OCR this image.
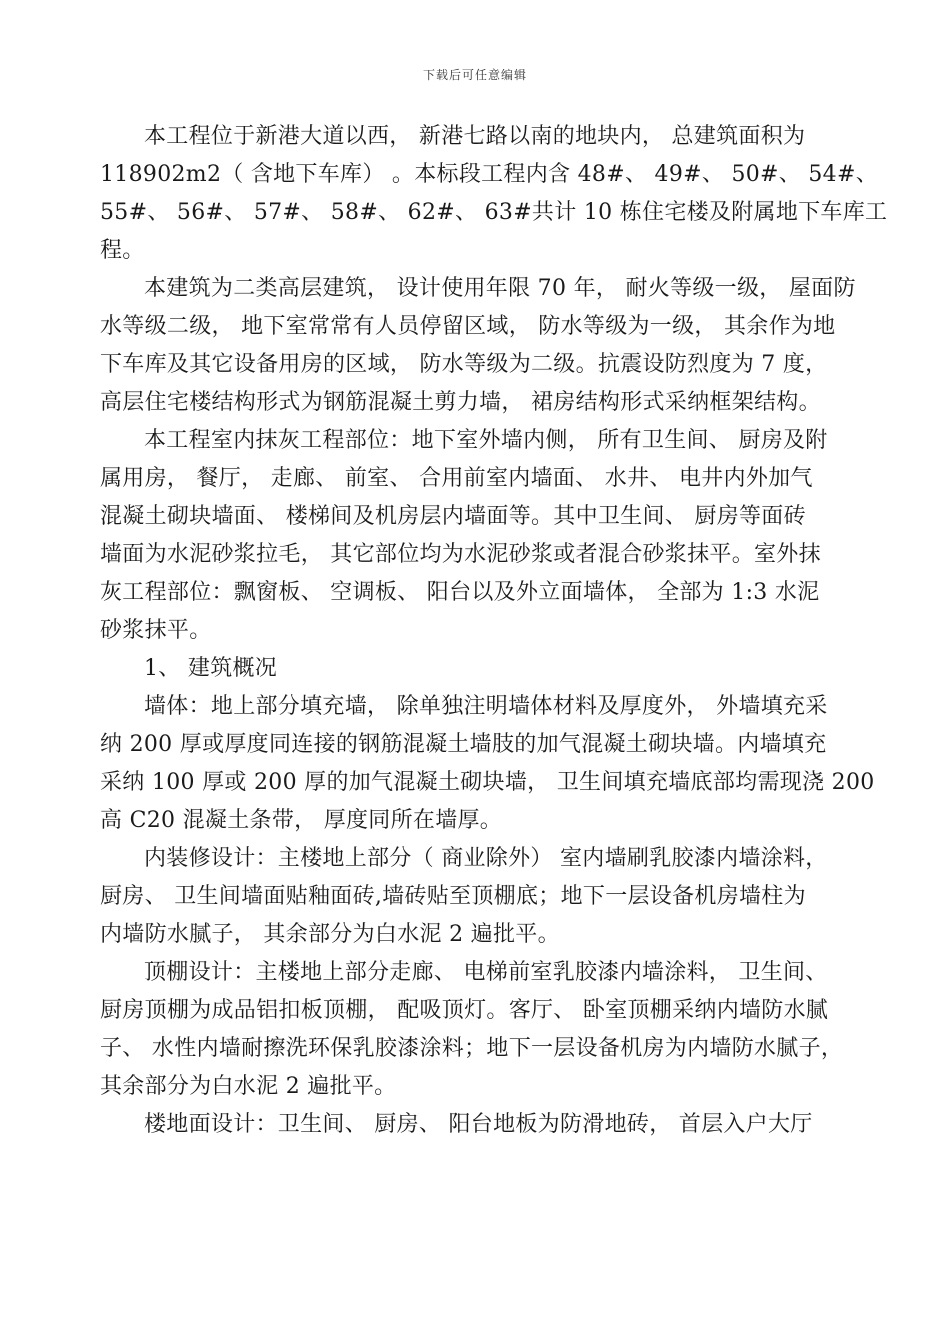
下载后可任意编辑
本工程位于新港大道以西， 新港七路以南的地块内， 总建筑面积为
118902m2（ 含地下车库） 。本标段工程内含 48#、 49#、 50#、 54#、
55#、 56#、 57#、 58#、 62#、 63#共计 10 栋住宅楼及附属地下车库工
程。
本建筑为二类高层建筑， 设计使用年限 70 年， 耐火等级一级， 屋面防
水等级二级， 地下室常常有人员停留区域， 防水等级为一级， 其余作为地
下车库及其它设备用房的区域， 防水等级为二级。抗震设防烈度为 7 度，
高层住宅楼结构形式为钢筋混凝土剪力墙， 裙房结构形式采纳框架结构。
本工程室内抹灰工程部位：地下室外墙内侧， 所有卫生间、 厨房及附
属用房， 餐厅， 走廊、 前室、 合用前室内墙面、 水井、 电井内外加气
混凝土砌块墙面、 楼梯间及机房层内墙面等。其中卫生间、 厨房等面砖
墙面为水泥砂浆拉毛， 其它部位均为水泥砂浆或者混合砂浆抹平。室外抹
灰工程部位：飘窗板、 空调板、 阳台以及外立面墙体， 全部为 1:3 水泥
砂浆抹平。
1、 建筑概况
墙体：地上部分填充墙， 除单独注明墙体材料及厚度外， 外墙填充采
纳 200 厚或厚度同连接的钢筋混凝土墙肢的加气混凝土砌块墙。内墙填充
采纳 100 厚或 200 厚的加气混凝土砌块墙， 卫生间填充墙底部均需现浇 200
高 C20 混凝土条带， 厚度同所在墙厚。
内装修设计：主楼地上部分（ 商业除外） 室内墙刷乳胶漆内墙涂料，
厨房、 卫生间墙面贴釉面砖,墙砖贴至顶棚底；地下一层设备机房墙柱为
内墙防水腻子， 其余部分为白水泥 2 遍批平。
顶棚设计：主楼地上部分走廊、 电梯前室乳胶漆内墙涂料， 卫生间、
厨房顶棚为成品铝扣板顶棚， 配吸顶灯。客厅、 卧室顶棚采纳内墙防水腻
子、 水性内墙耐擦洗环保乳胶漆涂料；地下一层设备机房为内墙防水腻子，
其余部分为白水泥 2 遍批平。
楼地面设计：卫生间、 厨房、 阳台地板为防滑地砖， 首层入户大厅
